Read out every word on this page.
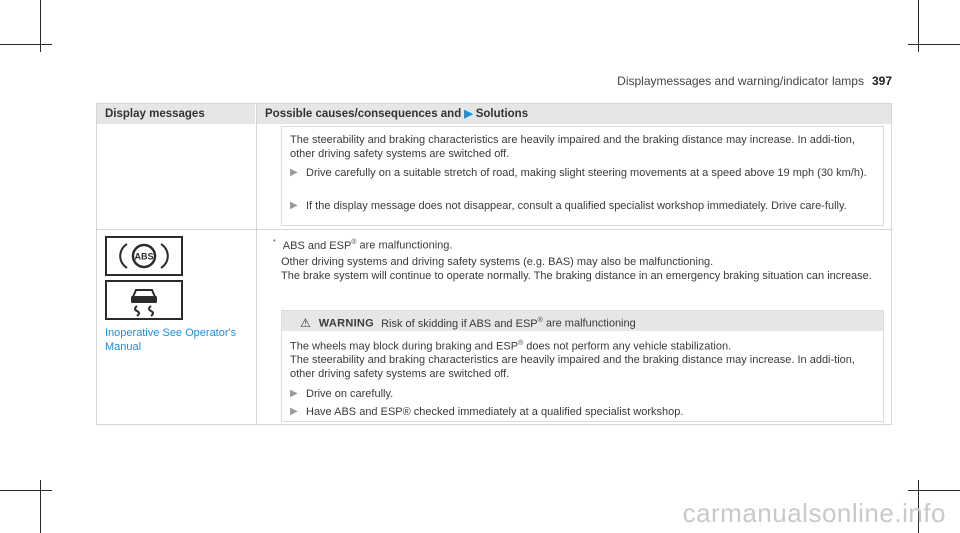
Displaymessages and warning/indicator lamps 397
Display messages	Possible causes/consequences and ▶ Solutions
The steerability and braking characteristics are heavily impaired and the braking distance may increase. In addi-tion, other driving safety systems are switched off.
▶ Drive carefully on a suitable stretch of road, making slight steering movements at a speed above 19 mph (30 km/h).
▶ If the display message does not disappear, consult a qualified specialist workshop immediately. Drive care-fully.
ABS
Inoperative See Operator's Manual
* ABS and ESP® are malfunctioning.
Other driving systems and driving safety systems (e.g. BAS) may also be malfunctioning.
The brake system will continue to operate normally. The braking distance in an emergency braking situation can increase.
⚠ WARNING Risk of skidding if ABS and ESP® are malfunctioning
The wheels may block during braking and ESP® does not perform any vehicle stabilization.
The steerability and braking characteristics are heavily impaired and the braking distance may increase. In addi-tion, other driving safety systems are switched off.
▶ Drive on carefully.
▶ Have ABS and ESP® checked immediately at a qualified specialist workshop.
carmanualsonline.info
